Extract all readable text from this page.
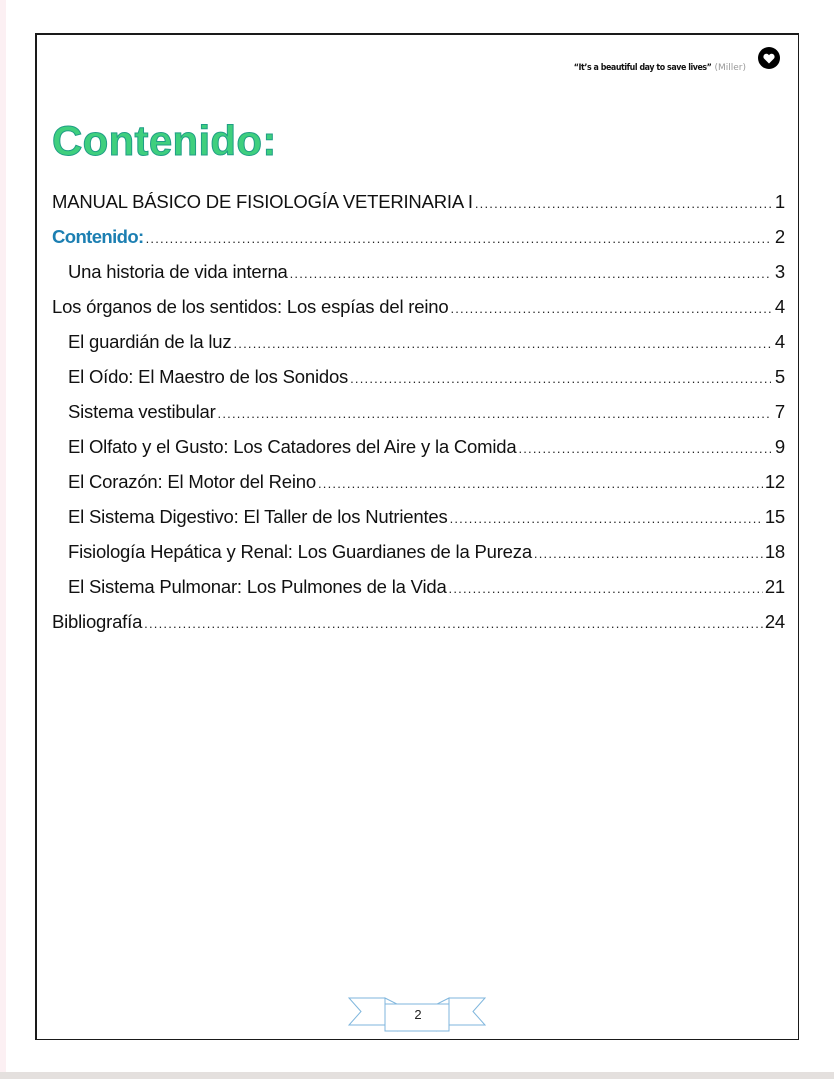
“It’s a beautiful day to save lives” (Miller)
Contenido:
MANUAL BÁSICO DE FISIOLOGÍA VETERINARIA I .....	1
Contenido: .....	2
Una historia de vida interna .....	3
Los órganos de los sentidos: Los espías del reino .....	4
El guardián de la luz .....	4
El Oído: El Maestro de los Sonidos .....	5
Sistema vestibular .....	7
El Olfato y el Gusto: Los Catadores del Aire y la Comida .....	9
El Corazón: El Motor del Reino .....	12
El Sistema Digestivo: El Taller de los Nutrientes .....	15
Fisiología Hepática y Renal: Los Guardianes de la Pureza .....	18
El Sistema Pulmonar: Los Pulmones de la Vida .....	21
Bibliografía .....	24
2
